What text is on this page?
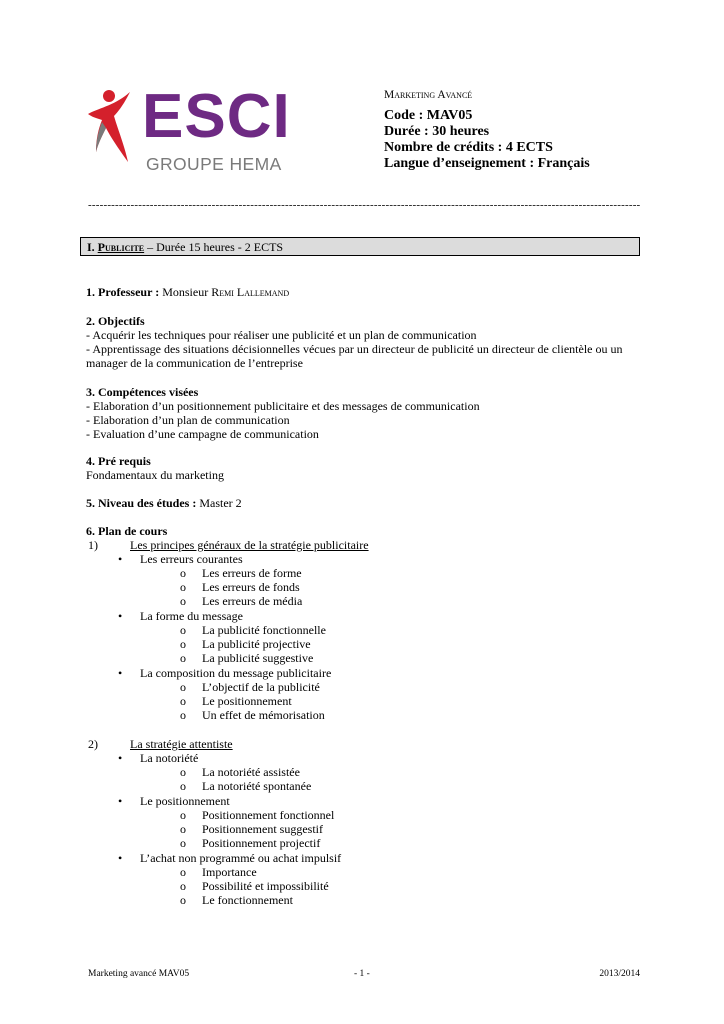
ESCI
GROUPE HEMA
Marketing Avancé
Code : MAV05
Durée : 30 heures
Nombre de crédits : 4 ECTS
Langue d’enseignement : Français
-----------------------------------------------------------------------------------------------------------------------------------------------
I. Publicite – Durée 15 heures - 2 ECTS
1. Professeur : Monsieur Remi Lallemand
2. Objectifs
- Acquérir les techniques pour réaliser une publicité et un plan de communication
- Apprentissage des situations décisionnelles vécues par un directeur de publicité un directeur de clientèle ou un
manager de la communication de l’entreprise
3. Compétences visées
- Elaboration d’un positionnement publicitaire et des messages de communication
- Elaboration d’un plan de communication
- Evaluation d’une campagne de communication
4. Pré requis
Fondamentaux du marketing
5. Niveau des études : Master 2
6. Plan de cours
1)	Les principes généraux de la stratégie publicitaire
• Les erreurs courantes
o Les erreurs de forme
o Les erreurs de fonds
o Les erreurs de média
• La forme du message
o La publicité fonctionnelle
o La publicité projective
o La publicité suggestive
• La composition du message publicitaire
o L’objectif de la publicité
o Le positionnement
o Un effet de mémorisation
2)	La stratégie attentiste
• La notoriété
o La notoriété assistée
o La notoriété spontanée
• Le positionnement
o Positionnement fonctionnel
o Positionnement suggestif
o Positionnement projectif
• L’achat non programmé ou achat impulsif
o Importance
o Possibilité et impossibilité
o Le fonctionnement
Marketing avancé MAV05	- 1 -	2013/2014
